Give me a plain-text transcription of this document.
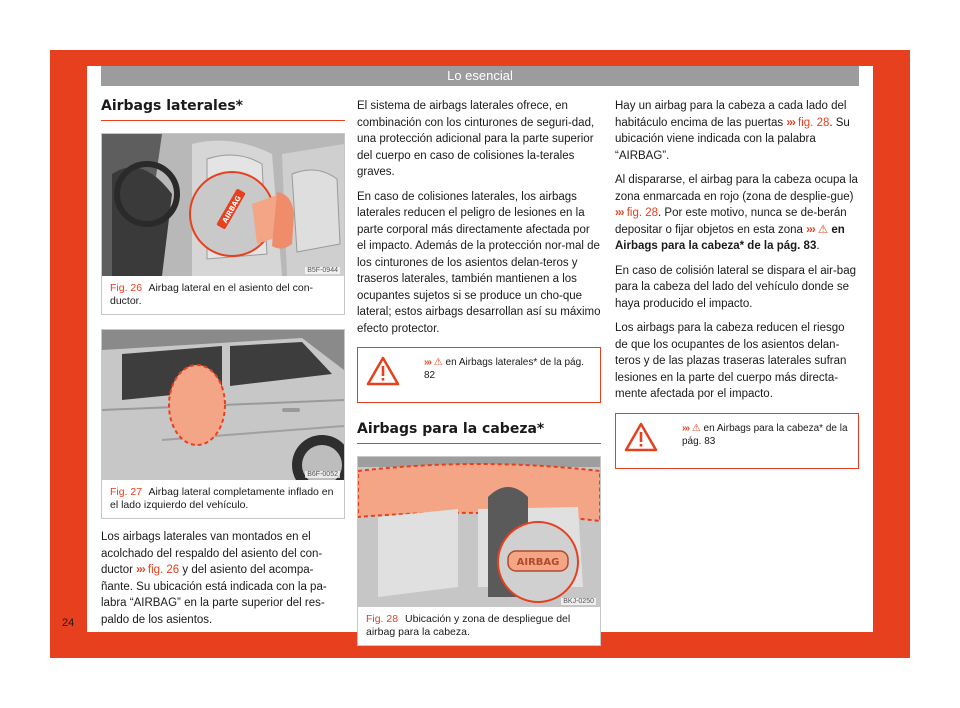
Lo esencial
Airbags laterales*
AIRBAG
B5F-0944
Fig. 26 Airbag lateral en el asiento del con-ductor.
B6F-0052
Fig. 27 Airbag lateral completamente inflado en el lado izquierdo del vehículo.

Los airbags laterales van montados en el acolchado del respaldo del asiento del con-ductor ››› fig. 26 y del asiento del acompa-ñante. Su ubicación está indicada con la pa-labra “AIRBAG” en la parte superior del res-paldo de los asientos.

El sistema de airbags laterales ofrece, en combinación con los cinturones de seguri-dad, una protección adicional para la parte superior del cuerpo en caso de colisiones la-terales graves.

En caso de colisiones laterales, los airbags laterales reducen el peligro de lesiones en la parte corporal más directamente afectada por el impacto. Además de la protección nor-mal de los cinturones de los asientos delan-teros y traseros laterales, también mantienen a los ocupantes sujetos si se produce un cho-que lateral; estos airbags desarrollan así su máximo efecto protector.

››› ⚠ en Airbags laterales* de la pág. 82
Airbags para la cabeza*
AIRBAG
BKJ-0250
Fig. 28 Ubicación y zona de despliegue del airbag para la cabeza.

Hay un airbag para la cabeza a cada lado del habitáculo encima de las puertas ››› fig. 28. Su ubicación viene indicada con la palabra “AIRBAG”.

Al dispararse, el airbag para la cabeza ocupa la zona enmarcada en rojo (zona de desplie-gue) ››› fig. 28. Por este motivo, nunca se de-berán depositar o fijar objetos en esta zona ››› ⚠ en Airbags para la cabeza* de la pág. 83.

En caso de colisión lateral se dispara el air-bag para la cabeza del lado del vehículo donde se haya producido el impacto.

Los airbags para la cabeza reducen el riesgo de que los ocupantes de los asientos delan-teros y de las plazas traseras laterales sufran lesiones en la parte del cuerpo más directa-mente afectada por el impacto.

››› ⚠ en Airbags para la cabeza* de la pág. 83
24
